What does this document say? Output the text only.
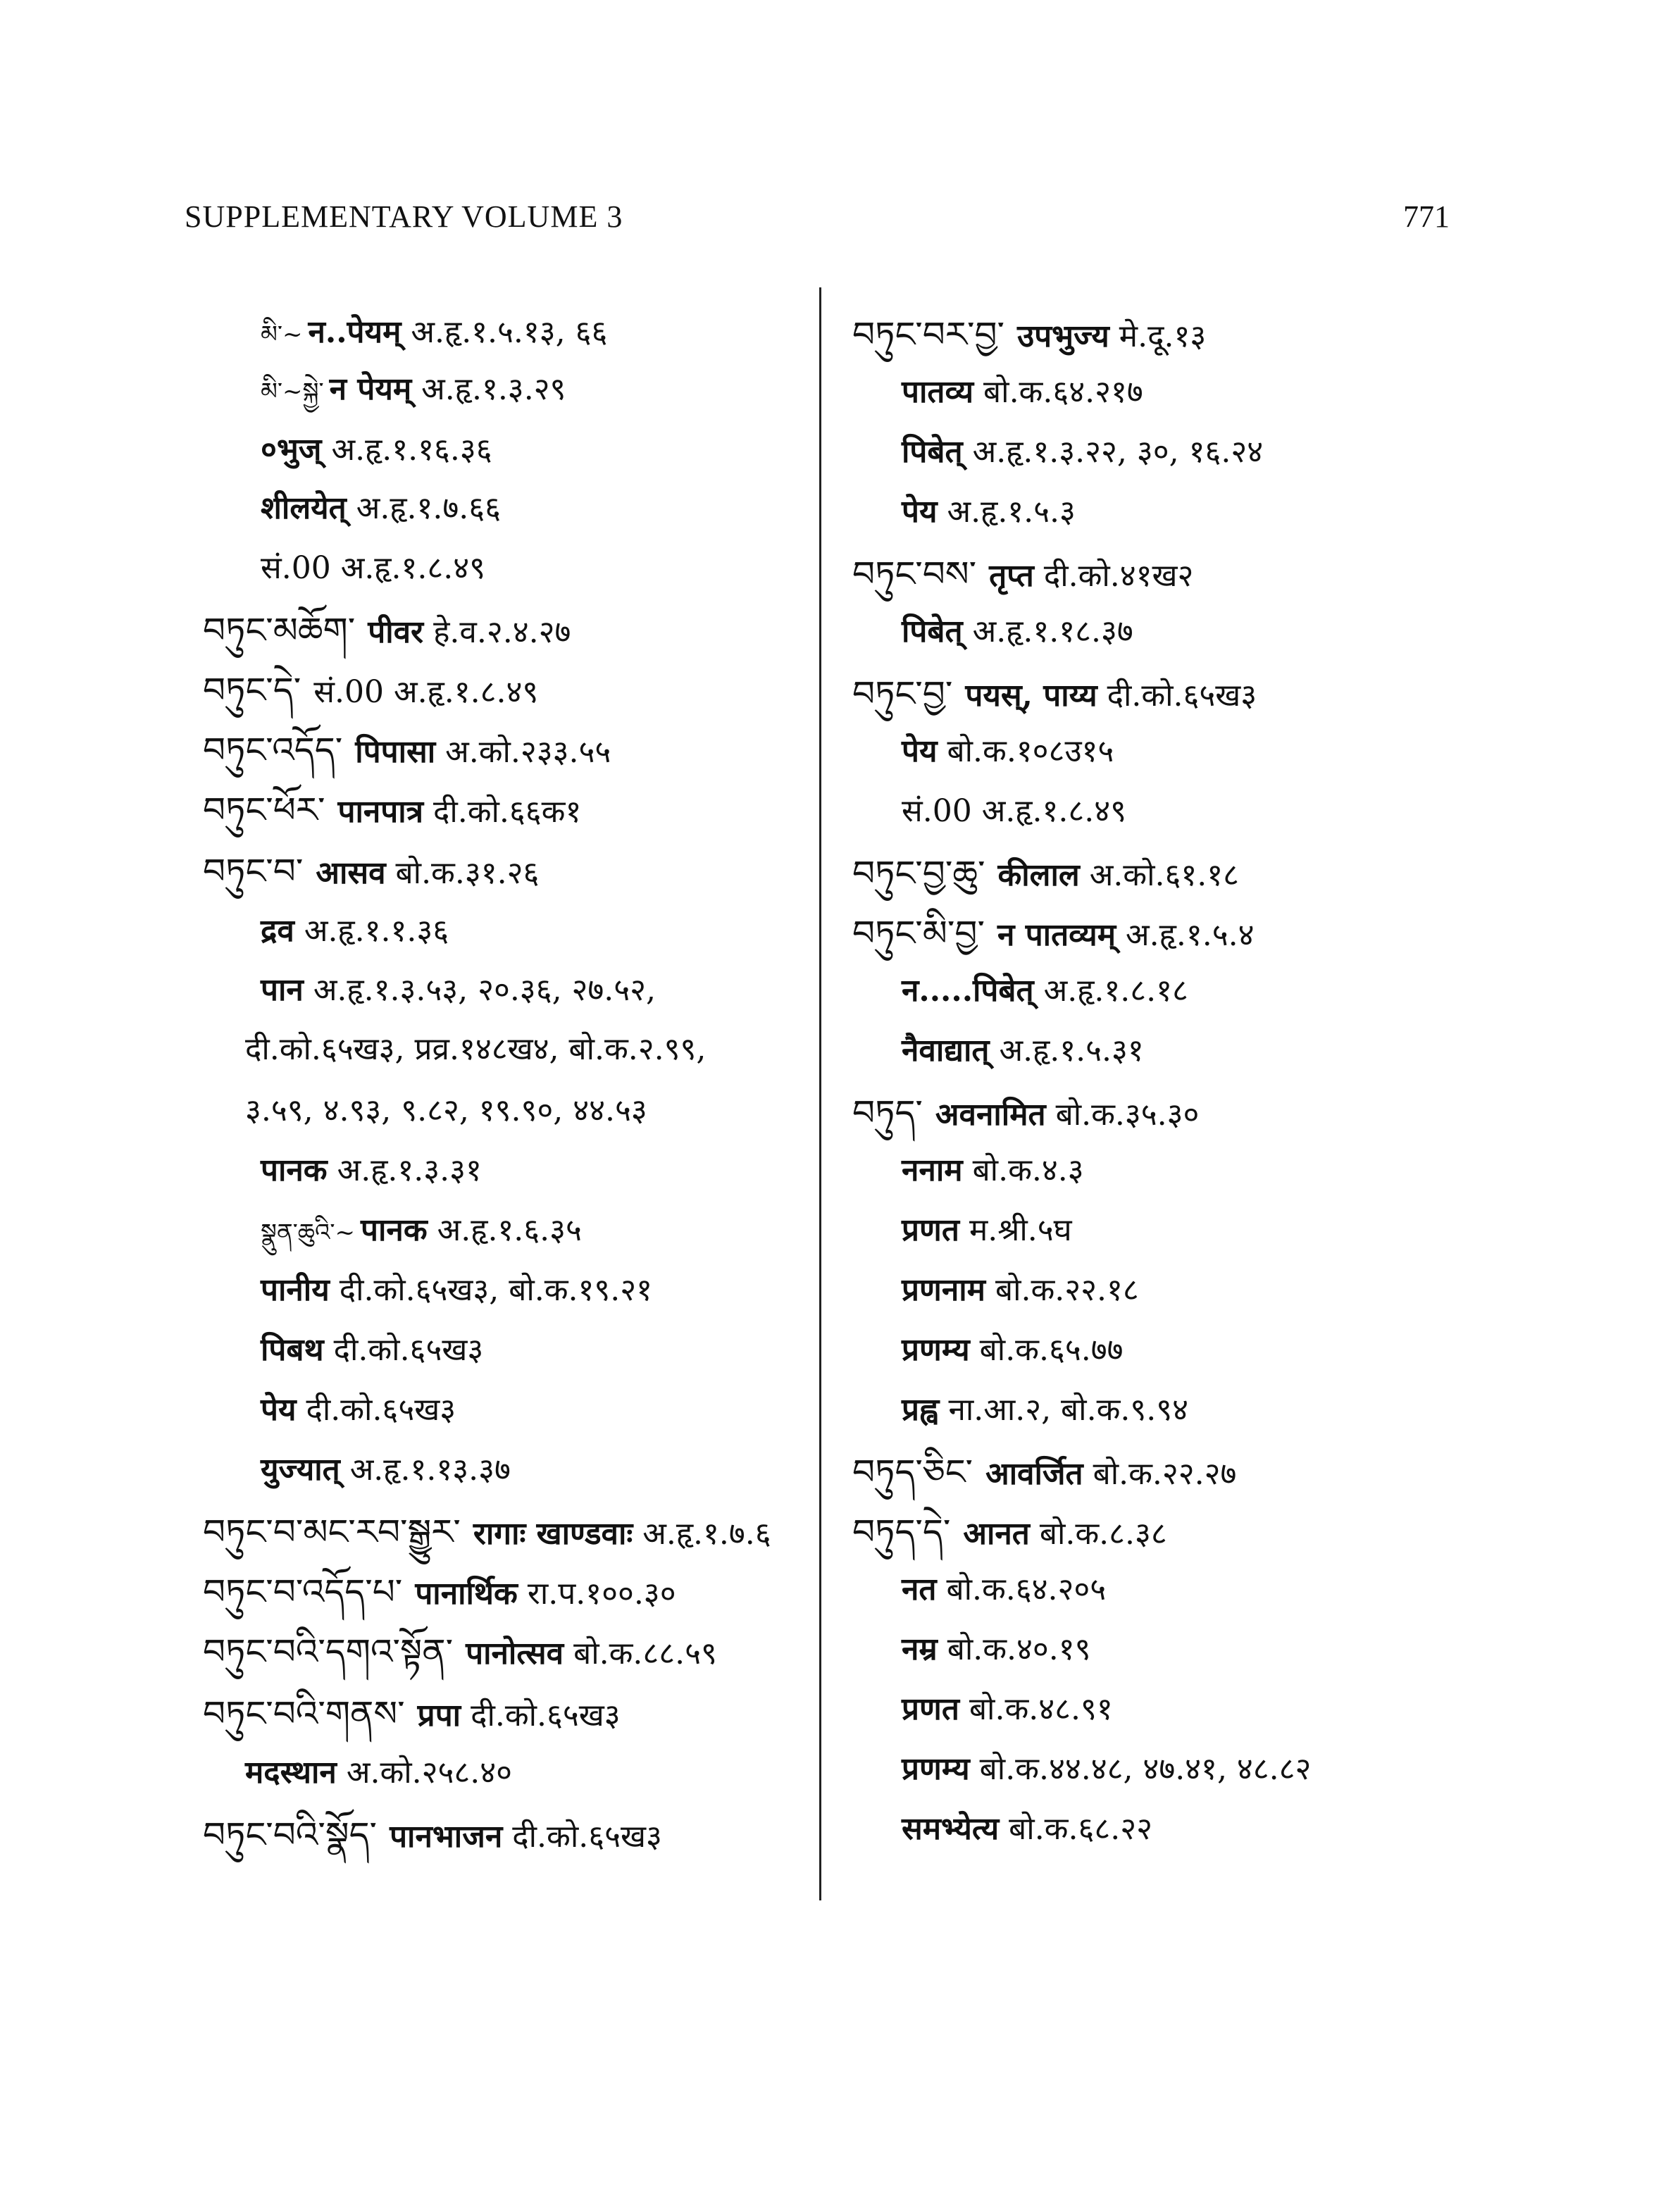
SUPPLEMENTARY VOLUME 3	771
མི་~ न..पेयम् अ.हृ.१.५.१३, ६६
མི་~སྐྱེ་ न पेयम् अ.हृ.१.३.२९
०भुज् अ.हृ.१.१६.३६
शीलयेत् अ.हृ.१.७.६६
सं.00 अ.हृ.१.८.४९
བཏུང་མཆོག་ पीवर हे.व.२.४.२७
བཏུང་དེ་ सं.00 अ.हृ.१.८.४९
བཏུང་འདོད་ पिपासा अ.को.२३३.५५
བཏུང་ཕོར་ पानपात्र दी.को.६६क१
བཏུང་བ་ आसव बो.क.३१.२६
द्रव अ.हृ.१.१.३६
पान अ.हृ.१.३.५३, २०.३६, २७.५२,
दी.को.६५ख३, प्रव्र.१४८ख४, बो.क.२.९९,
३.५९, ४.९३, ९.८२, १९.९०, ४४.५३
पानक अ.हृ.१.३.३१
སྣུན་ཆུའི་~ पानक अ.हृ.१.६.३५
पानीय दी.को.६५ख३, बो.क.१९.२१
पिबथ दी.को.६५ख३
पेय दी.को.६५ख३
युज्यात् अ.हृ.१.१३.३७
བཏུང་བ་མང་རབ་སྒྱུར་ रागाः खाण्डवाः अ.हृ.१.७.६
བཏུང་བ་འདོད་པ་ पानार्थिक रा.प.१००.३०
བཏུང་བའི་དགའ་སྟོན་ पानोत्सव बो.क.८८.५९
བཏུང་བའི་གནས་ प्रपा दी.को.६५ख३
मदस्थान अ.को.२५८.४०
བཏུང་བའི་སྣོད་ पानभाजन दी.को.६५ख३
བཏུང་བར་བྱ་ उपभुज्य मे.दू.१३
पातव्य बो.क.६४.२१७
पिबेत् अ.हृ.१.३.२२, ३०, १६.२४
पेय अ.हृ.१.५.३
བཏུང་བས་ तृप्त दी.को.४१ख२
पिबेत् अ.हृ.१.१८.३७
བཏུང་བྱ་ पयस्, पाय्य दी.को.६५ख३
पेय बो.क.१०८उ१५
सं.00 अ.हृ.१.८.४९
བཏུང་བྱ་ཆུ་ कीलाल अ.को.६१.१८
བཏུང་མི་བྱ་ न पातव्यम् अ.हृ.१.५.४
न.....पिबेत् अ.हृ.१.८.१८
नैवाद्यात् अ.हृ.१.५.३१
བཏུད་ अवनामित बो.क.३५.३०
ननाम बो.क.४.३
प्रणत म.श्री.५घ
प्रणनाम बो.क.२२.१८
प्रणम्य बो.क.६५.७७
प्रह्व ना.आ.२, बो.क.९.९४
བཏུད་ཅིང་ आवर्जित बो.क.२२.२७
བཏུད་དེ་ आनत बो.क.८.३८
नत बो.क.६४.२०५
नम्र बो.क.४०.१९
प्रणत बो.क.४८.९१
प्रणम्य बो.क.४४.४८, ४७.४१, ४८.८२
समभ्येत्य बो.क.६८.२२
